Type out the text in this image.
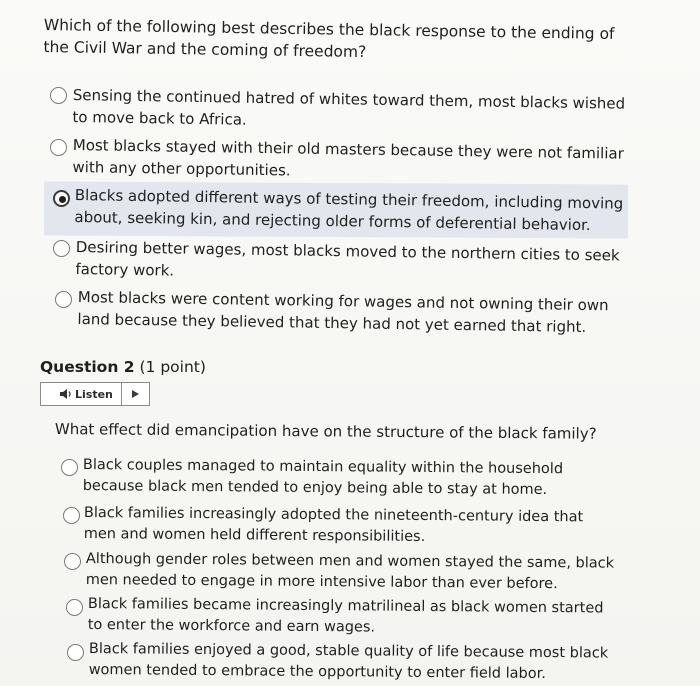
Which of the following best describes the black response to the ending of the Civil War and the coming of freedom?
Sensing the continued hatred of whites toward them, most blacks wished to move back to Africa.
Most blacks stayed with their old masters because they were not familiar with any other opportunities.
Blacks adopted different ways of testing their freedom, including moving about, seeking kin, and rejecting older forms of deferential behavior.
Desiring better wages, most blacks moved to the northern cities to seek factory work.
Most blacks were content working for wages and not owning their own land because they believed that they had not yet earned that right.
Question 2 (1 point)
Listen
What effect did emancipation have on the structure of the black family?
Black couples managed to maintain equality within the household because black men tended to enjoy being able to stay at home.
Black families increasingly adopted the nineteenth-century idea that men and women held different responsibilities.
Although gender roles between men and women stayed the same, black men needed to engage in more intensive labor than ever before.
Black families became increasingly matrilineal as black women started to enter the workforce and earn wages.
Black families enjoyed a good, stable quality of life because most black women tended to embrace the opportunity to enter field labor.
